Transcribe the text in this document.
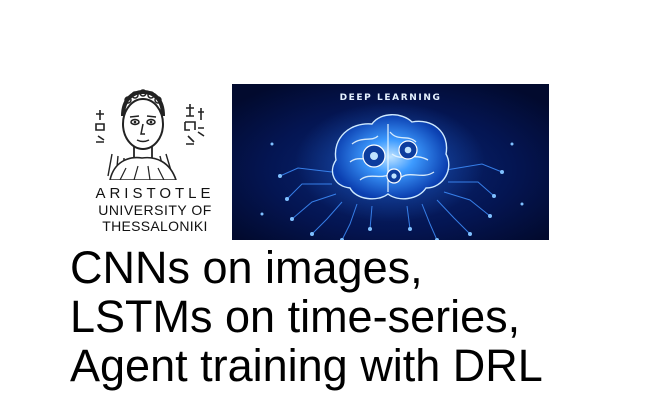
ARISTOTLE
UNIVERSITY OF
THESSALONIKI
DEEP LEARNING
CNNs on images,
LSTMs on time-series,
Agent training with DRL
